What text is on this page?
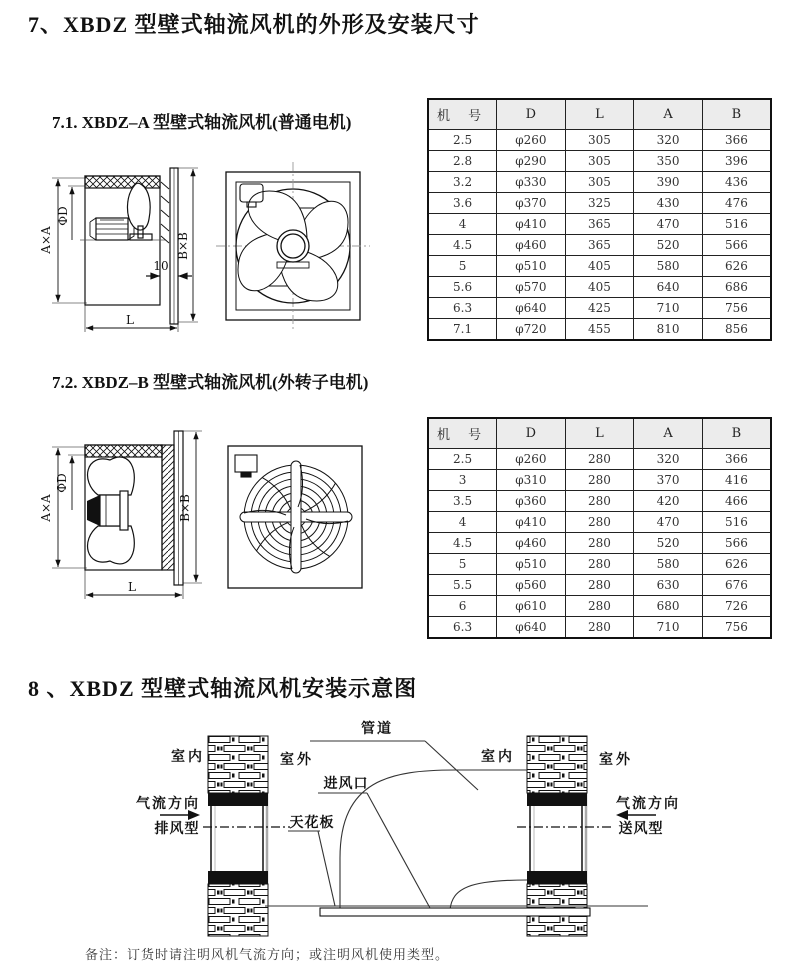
7、XBDZ 型壁式轴流风机的外形及安装尺寸
7.1. XBDZ–A 型壁式轴流风机(普通电机)
A×A
ΦD
B×B
10
L
机 号	D	L	A	B
2.5	φ260	305	320	366
2.8	φ290	305	350	396
3.2	φ330	305	390	436
3.6	φ370	325	430	476
4	φ410	365	470	516
4.5	φ460	365	520	566
5	φ510	405	580	626
5.6	φ570	405	640	686
6.3	φ640	425	710	756
7.1	φ720	455	810	856
7.2. XBDZ–B 型壁式轴流风机(外转子电机)
A×A
ΦD
B×B
L
机 号	D	L	A	B
2.5	φ260	280	320	366
3	φ310	280	370	416
3.5	φ360	280	420	466
4	φ410	280	470	516
4.5	φ460	280	520	566
5	φ510	280	580	626
5.5	φ560	280	630	676
6	φ610	280	680	726
6.3	φ640	280	710	756
8 、XBDZ 型壁式轴流风机安装示意图
室内	室外
气流方向
排风型	天花板
管道
进风口
室内	室外
气流方向
送风型
备注：订货时请注明风机气流方向；或注明风机使用类型。
